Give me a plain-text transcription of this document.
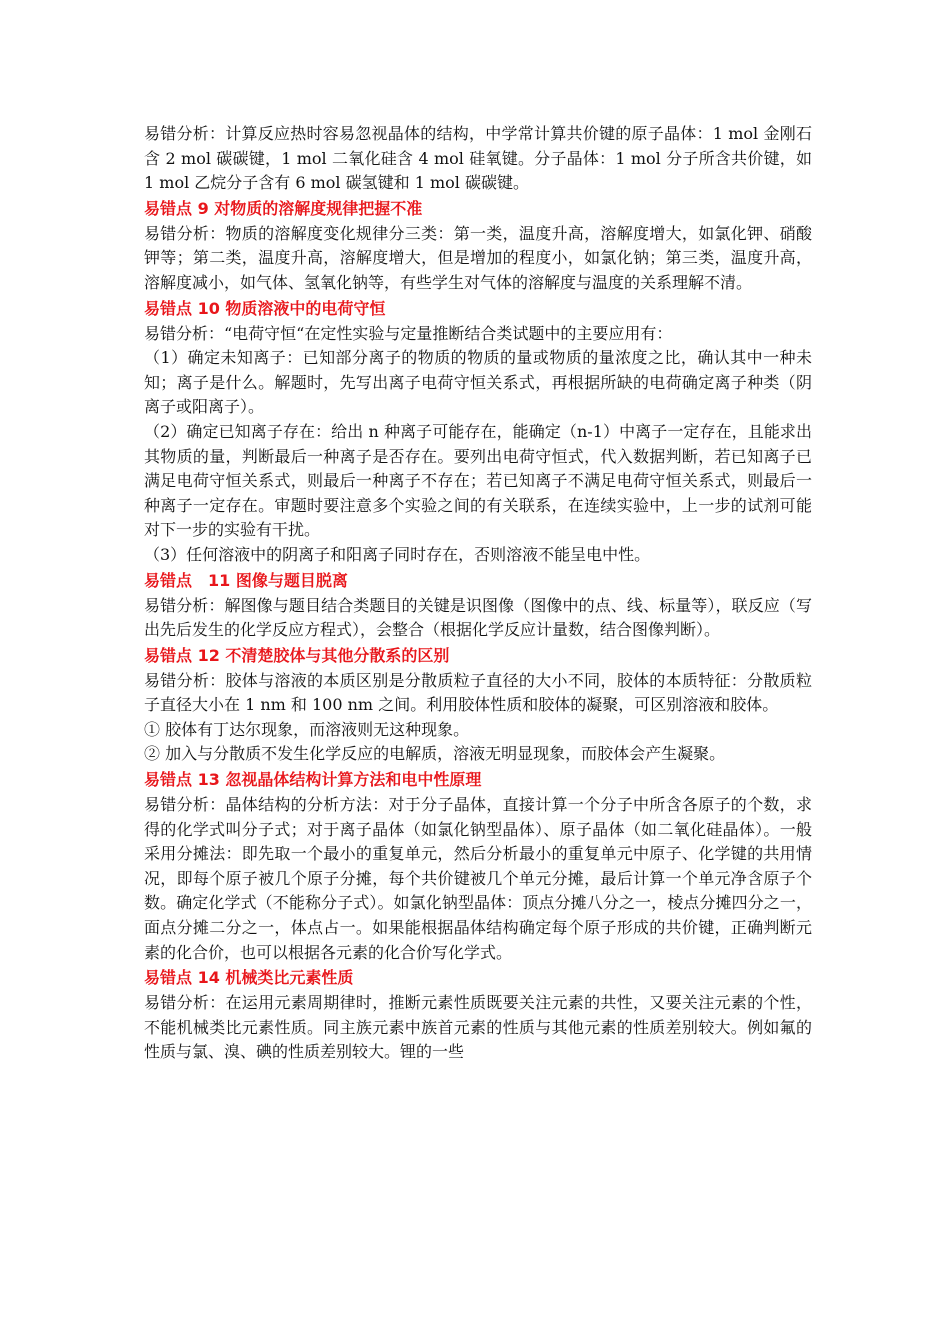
易错分析：计算反应热时容易忽视晶体的结构，中学常计算共价键的原子晶体：1 mol 金刚石含 2 mol 碳碳键，1 mol 二氧化硅含 4 mol 硅氧键。分子晶体：1 mol 分子所含共价键，如 1 mol 乙烷分子含有 6 mol 碳氢键和 1 mol 碳碳键。

易错点 9 对物质的溶解度规律把握不准

易错分析：物质的溶解度变化规律分三类：第一类，温度升高，溶解度增大，如氯化钾、硝酸钾等；第二类，温度升高，溶解度增大，但是增加的程度小，如氯化钠；第三类，温度升高，溶解度减小，如气体、氢氧化钠等，有些学生对气体的溶解度与温度的关系理解不清。

易错点 10 物质溶液中的电荷守恒

易错分析：“电荷守恒“在定性实验与定量推断结合类试题中的主要应用有：

（1）确定未知离子：已知部分离子的物质的物质的量或物质的量浓度之比，确认其中一种未知；离子是什么。解题时，先写出离子电荷守恒关系式，再根据所缺的电荷确定离子种类（阴离子或阳离子）。

（2）确定已知离子存在：给出 n 种离子可能存在，能确定（n-1）中离子一定存在，且能求出其物质的量，判断最后一种离子是否存在。要列出电荷守恒式，代入数据判断，若已知离子已满足电荷守恒关系式，则最后一种离子不存在；若已知离子不满足电荷守恒关系式，则最后一种离子一定存在。审题时要注意多个实验之间的有关联系，在连续实验中，上一步的试剂可能对下一步的实验有干扰。

（3）任何溶液中的阴离子和阳离子同时存在，否则溶液不能呈电中性。

易错点　11 图像与题目脱离

易错分析：解图像与题目结合类题目的关键是识图像（图像中的点、线、标量等），联反应（写出先后发生的化学反应方程式），会整合（根据化学反应计量数，结合图像判断）。

易错点 12 不清楚胶体与其他分散系的区别

易错分析：胶体与溶液的本质区别是分散质粒子直径的大小不同，胶体的本质特征：分散质粒子直径大小在 1 nm 和 100 nm 之间。利用胶体性质和胶体的凝聚，可区别溶液和胶体。

① 胶体有丁达尔现象，而溶液则无这种现象。

② 加入与分散质不发生化学反应的电解质，溶液无明显现象，而胶体会产生凝聚。

易错点 13 忽视晶体结构计算方法和电中性原理

易错分析：晶体结构的分析方法：对于分子晶体，直接计算一个分子中所含各原子的个数，求得的化学式叫分子式；对于离子晶体（如氯化钠型晶体）、原子晶体（如二氧化硅晶体）。一般采用分摊法：即先取一个最小的重复单元，然后分析最小的重复单元中原子、化学键的共用情况，即每个原子被几个原子分摊，每个共价键被几个单元分摊，最后计算一个单元净含原子个数。确定化学式（不能称分子式）。如氯化钠型晶体：顶点分摊八分之一，棱点分摊四分之一，面点分摊二分之一，体点占一。如果能根据晶体结构确定每个原子形成的共价键，正确判断元素的化合价，也可以根据各元素的化合价写化学式。

易错点 14 机械类比元素性质

易错分析：在运用元素周期律时，推断元素性质既要关注元素的共性，又要关注元素的个性，不能机械类比元素性质。同主族元素中族首元素的性质与其他元素的性质差别较大。例如氟的性质与氯、溴、碘的性质差别较大。锂的一些
